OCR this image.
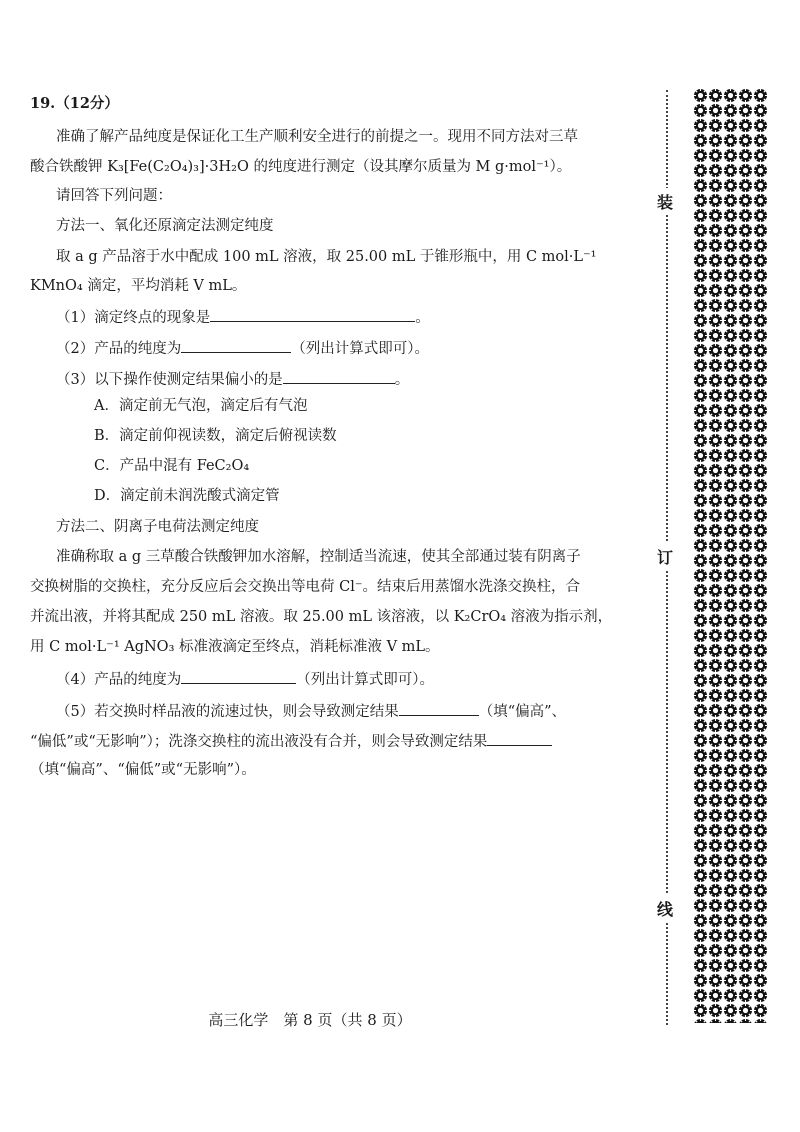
19.（12分）
准确了解产品纯度是保证化工生产顺利安全进行的前提之一。现用不同方法对三草
酸合铁酸钾 K₃[Fe(C₂O₄)₃]·3H₂O 的纯度进行测定（设其摩尔质量为 M g·mol⁻¹）。
请回答下列问题：
方法一、氧化还原滴定法测定纯度
取 a g 产品溶于水中配成 100 mL 溶液，取 25.00 mL 于锥形瓶中，用 C mol·L⁻¹
KMnO₄ 滴定，平均消耗 V mL。
（1）滴定终点的现象是	。
（2）产品的纯度为	（列出计算式即可）。
（3）以下操作使测定结果偏小的是	。
A．滴定前无气泡，滴定后有气泡
B．滴定前仰视读数，滴定后俯视读数
C．产品中混有 FeC₂O₄
D．滴定前未润洗酸式滴定管
方法二、阴离子电荷法测定纯度
准确称取 a g 三草酸合铁酸钾加水溶解，控制适当流速，使其全部通过装有阴离子
交换树脂的交换柱，充分反应后会交换出等电荷 Cl⁻。结束后用蒸馏水洗涤交换柱，合
并流出液，并将其配成 250 mL 溶液。取 25.00 mL 该溶液，以 K₂CrO₄ 溶液为指示剂，
用 C mol·L⁻¹ AgNO₃ 标准液滴定至终点，消耗标准液 V mL。
（4）产品的纯度为	（列出计算式即可）。
（5）若交换时样品液的流速过快，则会导致测定结果	（填“偏高”、
“偏低”或“无影响”）；洗涤交换柱的流出液没有合并，则会导致测定结果
（填“偏高”、“偏低”或“无影响”）。
高三化学　第 8 页（共 8 页）
装
订
线
